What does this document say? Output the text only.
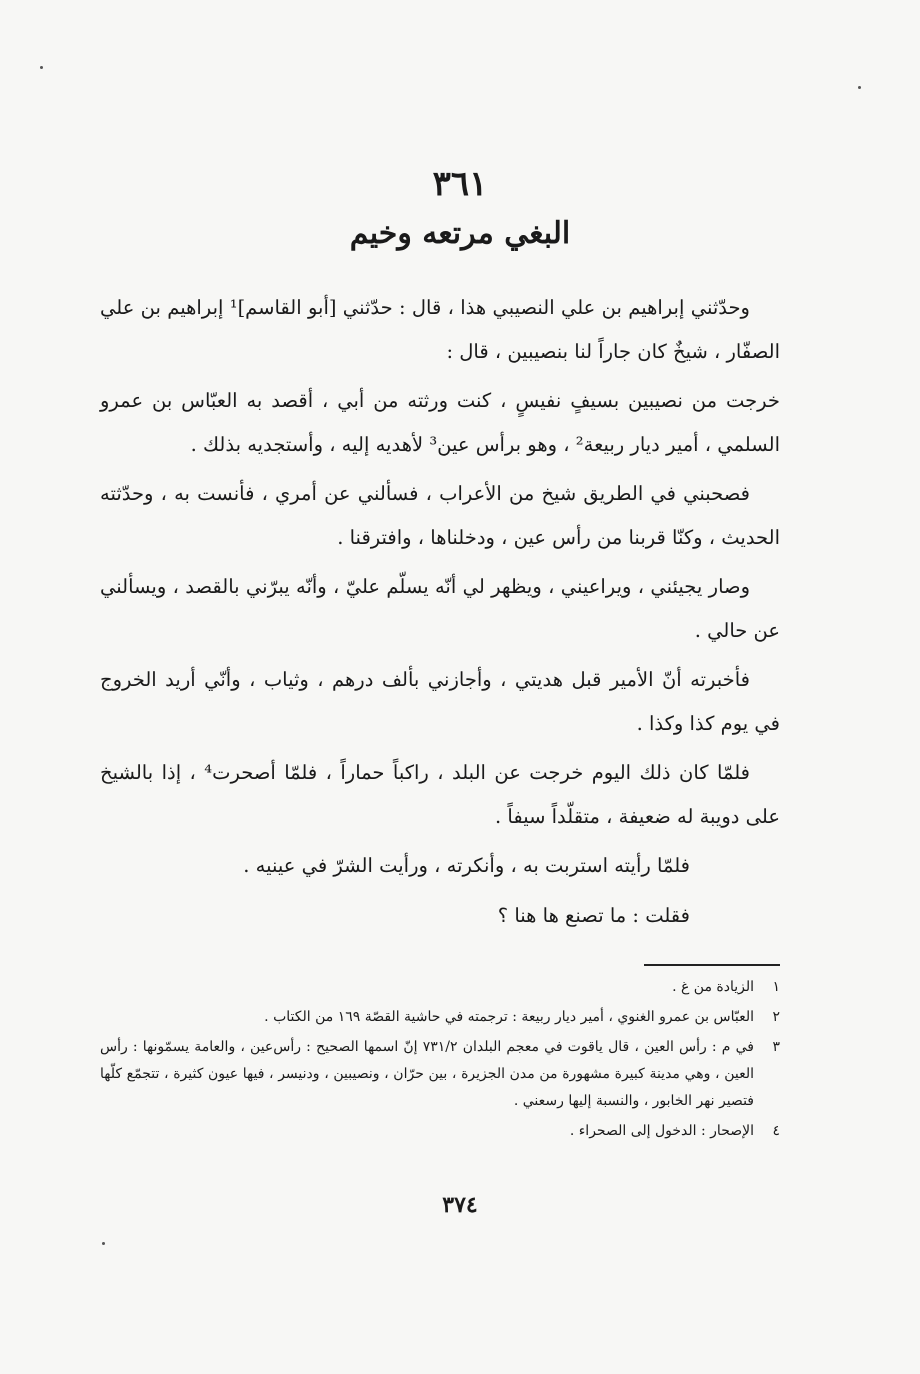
٣٦١
البغي مرتعه وخيم

وحدّثني إبراهيم بن علي النصيبي هذا ، قال : حدّثني [أبو القاسم]¹ إبراهيم بن علي الصفّار ، شيخٌ كان جاراً لنا بنصيبين ، قال :

خرجت من نصيبين بسيفٍ نفيسٍ ، كنت ورثته من أبي ، أقصد به العبّاس بن عمرو السلمي ، أمير ديار ربيعة² ، وهو برأس عين³ لأهديه إليه ، وأستجديه بذلك .

فصحبني في الطريق شيخ من الأعراب ، فسألني عن أمري ، فأنست به ، وحدّثته الحديث ، وكنّا قربنا من رأس عين ، ودخلناها ، وافترقنا .

وصار يجيئني ، ويراعيني ، ويظهر لي أنّه يسلّم عليّ ، وأنّه يبرّني بالقصد ، ويسألني عن حالي .

فأخبرته أنّ الأمير قبل هديتي ، وأجازني بألف درهم ، وثياب ، وأنّي أريد الخروج في يوم كذا وكذا .

فلمّا كان ذلك اليوم خرجت عن البلد ، راكباً حماراً ، فلمّا أصحرت⁴ ، إذا بالشيخ على دويبة له ضعيفة ، متقلّداً سيفاً .

فلمّا رأيته استربت به ، وأنكرته ، ورأيت الشرّ في عينيه .

فقلت : ما تصنع ها هنا ؟

١
الزيادة من غ .
٢
العبّاس بن عمرو الغنوي ، أمير ديار ربيعة : ترجمته في حاشية القصّة ١٦٩ من الكتاب .
٣
في م : رأس العين ، قال ياقوت في معجم البلدان ٧٣١/٢ إنّ اسمها الصحيح : رأس‌عين ، والعامة يسمّونها : رأس العين ، وهي مدينة كبيرة مشهورة من مدن الجزيرة ، بين حرّان ، ونصيبين ، ودنيسر ، فيها عيون كثيرة ، تتجمّع كلّها فتصير نهر الخابور ، والنسبة إليها رسعني .
٤
الإصحار : الدخول إلى الصحراء .
٣٧٤
